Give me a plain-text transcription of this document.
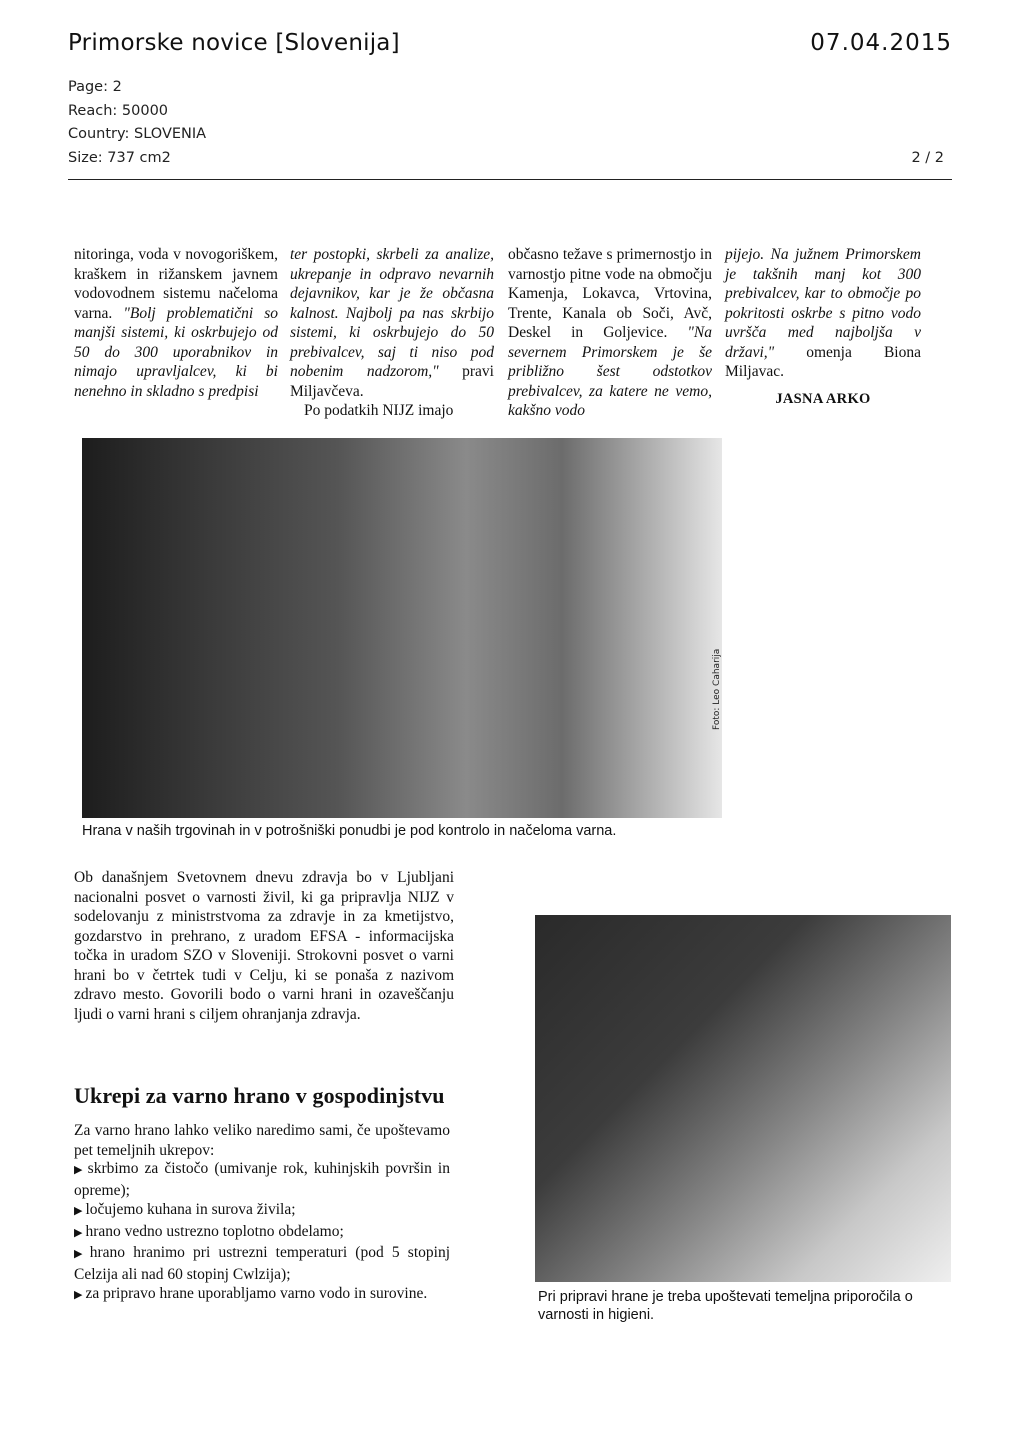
Primorske novice [Slovenija]	07.04.2015
Page: 2
Reach: 50000
Country: SLOVENIA
Size: 737 cm2	2 / 2

nitoringa, voda v novogoriškem, kraškem in rižanskem javnem vodovodnem sistemu načeloma varna. "Bolj problematični so manjši sistemi, ki oskrbujejo od 50 do 300 uporabnikov in nimajo upravljalcev, ki bi nenehno in skladno s predpisi

ter postopki, skrbeli za analize, ukrepanje in odpravo nevarnih dejavnikov, kar je že občasna kalnost. Najbolj pa nas skrbijo sistemi, ki oskrbujejo do 50 prebivalcev, saj ti niso pod nobenim nadzorom," pravi Miljavčeva.

Po podatkih NIJZ imajo

občasno težave s primernostjo in varnostjo pitne vode na območju Kamenja, Lokavca, Vrtovina, Trente, Kanala ob Soči, Avč, Deskel in Goljevice. "Na severnem Primorskem je še približno šest odstotkov prebivalcev, za katere ne vemo, kakšno vodo

pijejo. Na južnem Primorskem je takšnih manj kot 300 prebivalcev, kar to območje po pokritosti oskrbe s pitno vodo uvršča med najboljša v državi," omenja Biona Miljavac.

JASNA ARKO

Foto: Leo Caharija
Hrana v naših trgovinah in v potrošniški ponudbi je pod kontrolo in načeloma varna.

Ob današnjem Svetovnem dnevu zdravja bo v Ljubljani nacionalni posvet o varnosti živil, ki ga pripravlja NIJZ v sodelovanju z ministrstvoma za zdravje in za kmetijstvo, gozdarstvo in prehrano, z uradom EFSA - informacijska točka in uradom SZO v Sloveniji. Strokovni posvet o varni hrani bo v četrtek tudi v Celju, ki se ponaša z nazivom zdravo mesto. Govorili bodo o varni hrani in ozaveščanju ljudi o varni hrani s ciljem ohranjanja zdravja.

Ukrepi za varno hrano v gospodinjstvu

Za varno hrano lahko veliko naredimo sami, če upoštevamo pet temeljnih ukrepov:

▶ skrbimo za čistočo (umivanje rok, kuhinjskih površin in opreme);
▶ ločujemo kuhana in surova živila;
▶ hrano vedno ustrezno toplotno obdelamo;
▶ hrano hranimo pri ustrezni temperaturi (pod 5 stopinj Celzija ali nad 60 stopinj Cwlzija);
▶ za pripravo hrane uporabljamo varno vodo in surovine.	Pri pripravi hrane je treba upoštevati temeljna priporočila o varnosti in higieni.
